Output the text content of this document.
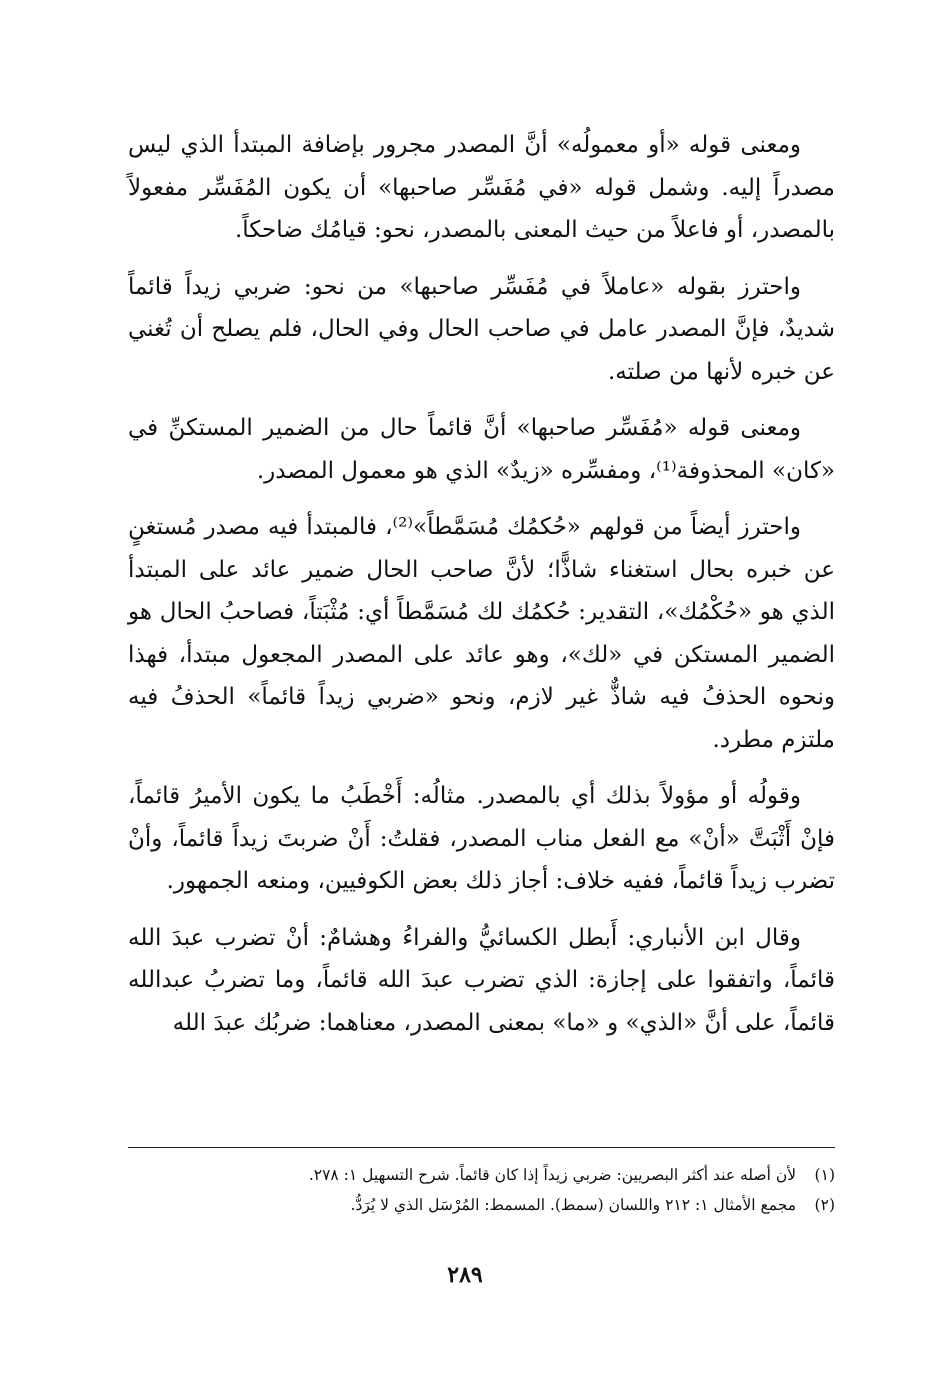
ومعنى قوله «أو معمولُه» أنَّ المصدر مجرور بإضافة المبتدأ الذي ليس مصدراً إليه. وشمل قوله «في مُفَسِّر صاحبها» أن يكون المُفَسِّر مفعولاً بالمصدر، أو فاعلاً من حيث المعنى بالمصدر، نحو: قيامُك ضاحكاً.

واحترز بقوله «عاملاً في مُفَسِّر صاحبها» من نحو: ضربي زيداً قائماً شديدٌ، فإنَّ المصدر عامل في صاحب الحال وفي الحال، فلم يصلح أن تُغني عن خبره لأنها من صلته.

ومعنى قوله «مُفَسِّر صاحبها» أنَّ قائماً حال من الضمير المستكنِّ في «كان» المحذوفة⁽¹⁾، ومفسِّره «زيدٌ» الذي هو معمول المصدر.

واحترز أيضاً من قولهم «حُكمُك مُسَمَّطاً»⁽²⁾، فالمبتدأ فيه مصدر مُستغنٍ عن خبره بحال استغناء شاذًّا؛ لأنَّ صاحب الحال ضمير عائد على المبتدأ الذي هو «حُكْمُك»، التقدير: حُكمُك لك مُسَمَّطاً أي: مُثْبَتاً، فصاحبُ الحال هو الضمير المستكن في «لك»، وهو عائد على المصدر المجعول مبتدأ، فهذا ونحوه الحذفُ فيه شاذٌّ غير لازم، ونحو «ضربي زيداً قائماً» الحذفُ فيه ملتزم مطرد.

وقولُه أو مؤولاً بذلك أي بالمصدر. مثالُه: أَخْطَبُ ما يكون الأميرُ قائماً، فإنْ أَثْبَتَّ «أنْ» مع الفعل مناب المصدر، فقلتُ: أَنْ ضربتَ زيداً قائماً، وأنْ تضرب زيداً قائماً، ففيه خلاف: أجاز ذلك بعض الكوفيين، ومنعه الجمهور.

وقال ابن الأنباري: أَبطل الكسائيُّ والفراءُ وهشامٌ: أنْ تضرب عبدَ الله قائماً، واتفقوا على إجازة: الذي تضرب عبدَ الله قائماً، وما تضربُ عبدالله قائماً، على أنَّ «الذي» و «ما» بمعنى المصدر، معناهما: ضربُك عبدَ الله

(١) لأن أصله عند أكثر البصريين: ضربي زيداً إذا كان قائماً. شرح التسهيل ١: ٢٧٨.

(٢) مجمع الأمثال ١: ٢١٢ واللسان (سمط). المسمط: المُرْسَل الذي لا يُرَدُّ.

٢٨٩
